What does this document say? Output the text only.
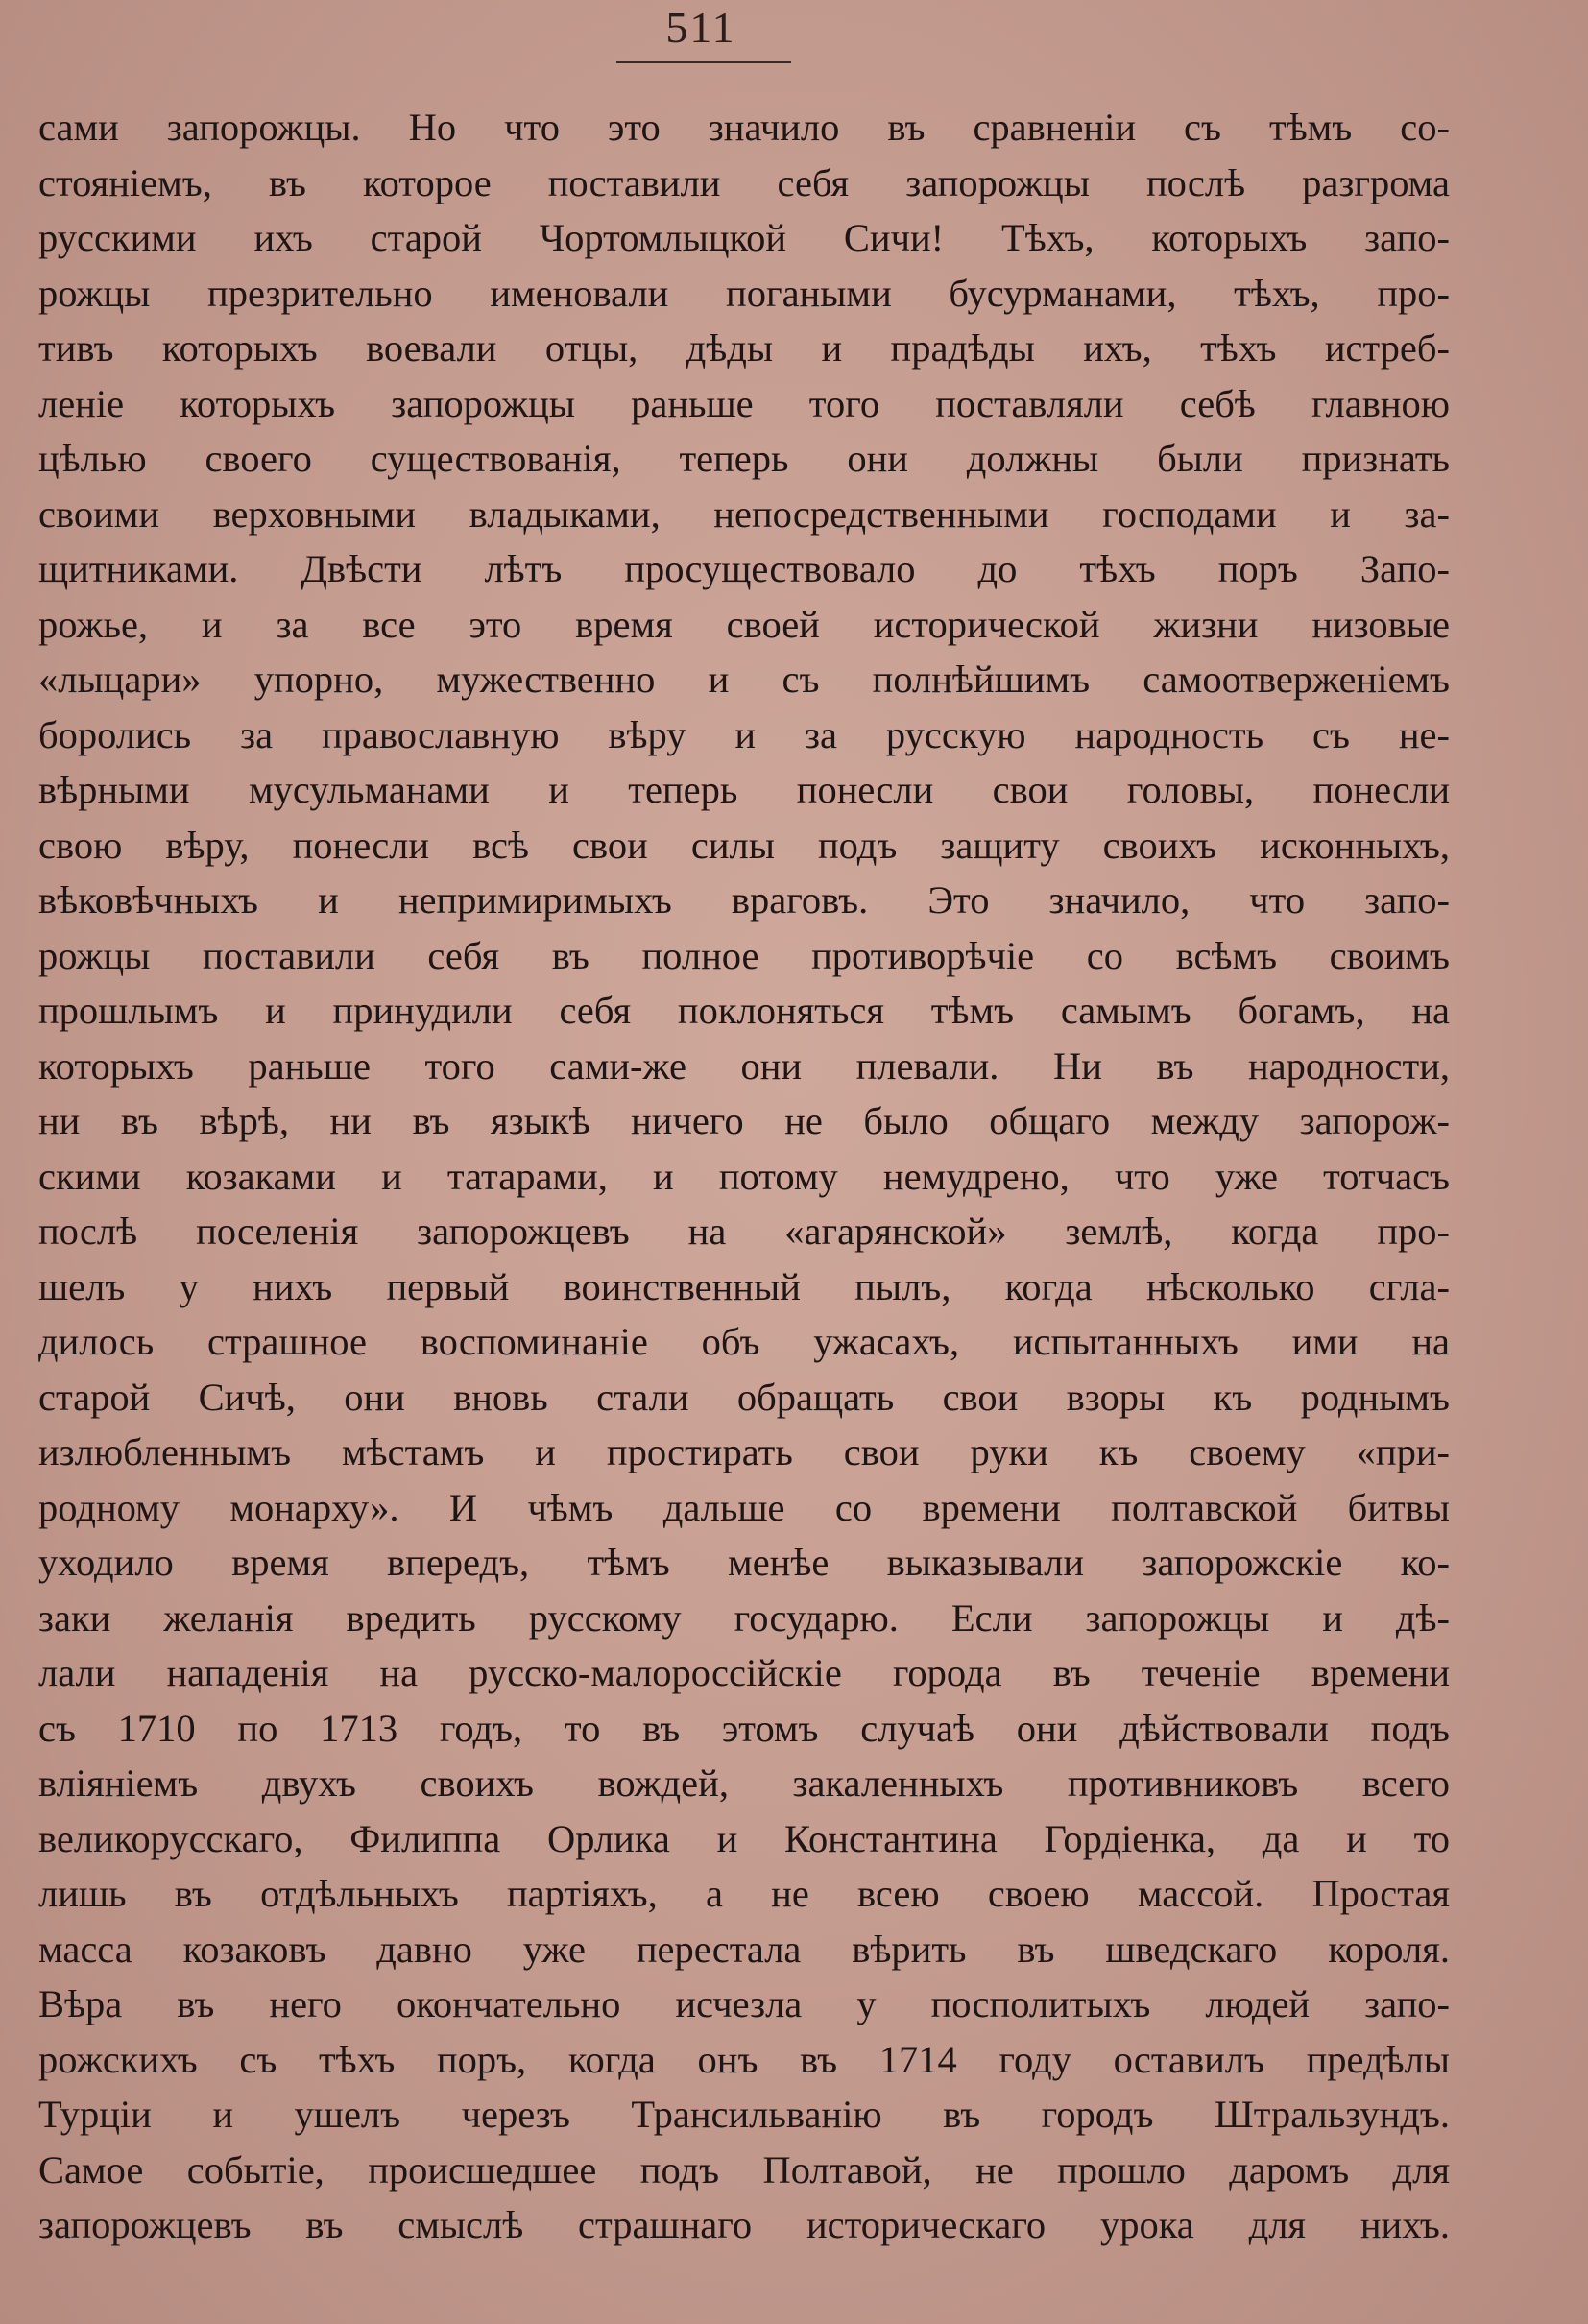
511
сами запорожцы. Но что это значило въ сравненіи съ тѣмъ со-
стояніемъ, въ которое поставили себя запорожцы послѣ разгрома
русскими ихъ старой Чортомлыцкой Сичи! Тѣхъ, которыхъ запо-
рожцы презрительно именовали погаными бусурманами, тѣхъ, про-
тивъ которыхъ воевали отцы, дѣды и прадѣды ихъ, тѣхъ истреб-
леніе которыхъ запорожцы раньше того поставляли себѣ главною
цѣлью своего существованія, теперь они должны были признать
своими верховными владыками, непосредственными господами и за-
щитниками. Двѣсти лѣтъ просуществовало до тѣхъ поръ Запо-
рожье, и за все это время своей исторической жизни низовые
«лыцари» упорно, мужественно и съ полнѣйшимъ самоотверженіемъ
боролись за православную вѣру и за русскую народность съ не-
вѣрными мусульманами и теперь понесли свои головы, понесли
свою вѣру, понесли всѣ свои силы подъ защиту своихъ исконныхъ,
вѣковѣчныхъ и непримиримыхъ враговъ. Это значило, что запо-
рожцы поставили себя въ полное противорѣчіе со всѣмъ своимъ
прошлымъ и принудили себя поклоняться тѣмъ самымъ богамъ, на
которыхъ раньше того сами-же они плевали. Ни въ народности,
ни въ вѣрѣ, ни въ языкѣ ничего не было общаго между запорож-
скими козаками и татарами, и потому немудрено, что уже тотчасъ
послѣ поселенія запорожцевъ на «агарянской» землѣ, когда про-
шелъ у нихъ первый воинственный пылъ, когда нѣсколько сгла-
дилось страшное воспоминаніе объ ужасахъ, испытанныхъ ими на
старой Сичѣ, они вновь стали обращать свои взоры къ роднымъ
излюбленнымъ мѣстамъ и простирать свои руки къ своему «при-
родному монарху». И чѣмъ дальше со времени полтавской битвы
уходило время впередъ, тѣмъ менѣе выказывали запорожскіе ко-
заки желанія вредить русскому государю. Если запорожцы и дѣ-
лали нападенія на русско-малороссійскіе города въ теченіе времени
съ 1710 по 1713 годъ, то въ этомъ случаѣ они дѣйствовали подъ
вліяніемъ двухъ своихъ вождей, закаленныхъ противниковъ всего
великорусскаго, Филиппа Орлика и Константина Гордіенка, да и то
лишь въ отдѣльныхъ партіяхъ, а не всею своею массой. Простая
масса козаковъ давно уже перестала вѣрить въ шведскаго короля.
Вѣра въ него окончательно исчезла у посполитыхъ людей запо-
рожскихъ съ тѣхъ поръ, когда онъ въ 1714 году оставилъ предѣлы
Турціи и ушелъ черезъ Трансильванію въ городъ Штральзундъ.
Самое событіе, происшедшее подъ Полтавой, не прошло даромъ для
запорожцевъ въ смыслѣ страшнаго историческаго урока для нихъ.
